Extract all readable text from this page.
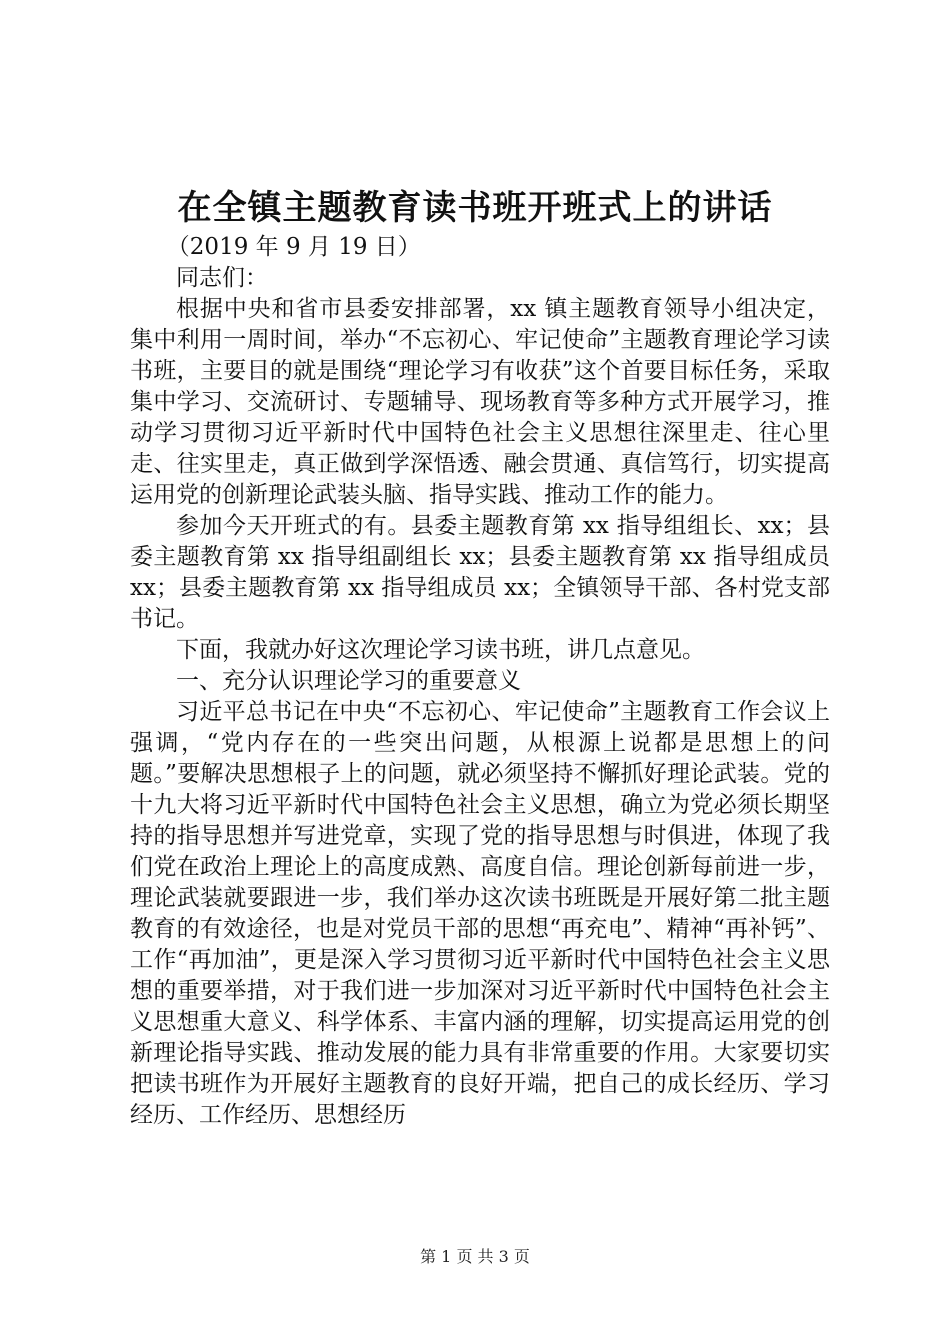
在全镇主题教育读书班开班式上的讲话

（2019 年 9 月 19 日）

同志们：

根据中央和省市县委安排部署，xx 镇主题教育领导小组决定，集中利用一周时间，举办“不忘初心、牢记使命”主题教育理论学习读书班，主要目的就是围绕“理论学习有收获”这个首要目标任务，采取集中学习、交流研讨、专题辅导、现场教育等多种方式开展学习，推动学习贯彻习近平新时代中国特色社会主义思想往深里走、往心里走、往实里走，真正做到学深悟透、融会贯通、真信笃行，切实提高运用党的创新理论武装头脑、指导实践、推动工作的能力。

参加今天开班式的有。县委主题教育第 xx 指导组组长、xx；县委主题教育第 xx 指导组副组长 xx；县委主题教育第 xx 指导组成员 xx；县委主题教育第 xx 指导组成员 xx；全镇领导干部、各村党支部书记。

下面，我就办好这次理论学习读书班，讲几点意见。

一、充分认识理论学习的重要意义

习近平总书记在中央“不忘初心、牢记使命”主题教育工作会议上强调，“党内存在的一些突出问题，从根源上说都是思想上的问题。”要解决思想根子上的问题，就必须坚持不懈抓好理论武装。党的十九大将习近平新时代中国特色社会主义思想，确立为党必须长期坚持的指导思想并写进党章，实现了党的指导思想与时俱进，体现了我们党在政治上理论上的高度成熟、高度自信。理论创新每前进一步，理论武装就要跟进一步，我们举办这次读书班既是开展好第二批主题教育的有效途径，也是对党员干部的思想“再充电”、精神“再补钙”、工作“再加油”，更是深入学习贯彻习近平新时代中国特色社会主义思想的重要举措，对于我们进一步加深对习近平新时代中国特色社会主义思想重大意义、科学体系、丰富内涵的理解，切实提高运用党的创新理论指导实践、推动发展的能力具有非常重要的作用。大家要切实把读书班作为开展好主题教育的良好开端，把自己的成长经历、学习经历、工作经历、思想经历

第 1 页 共 3 页
